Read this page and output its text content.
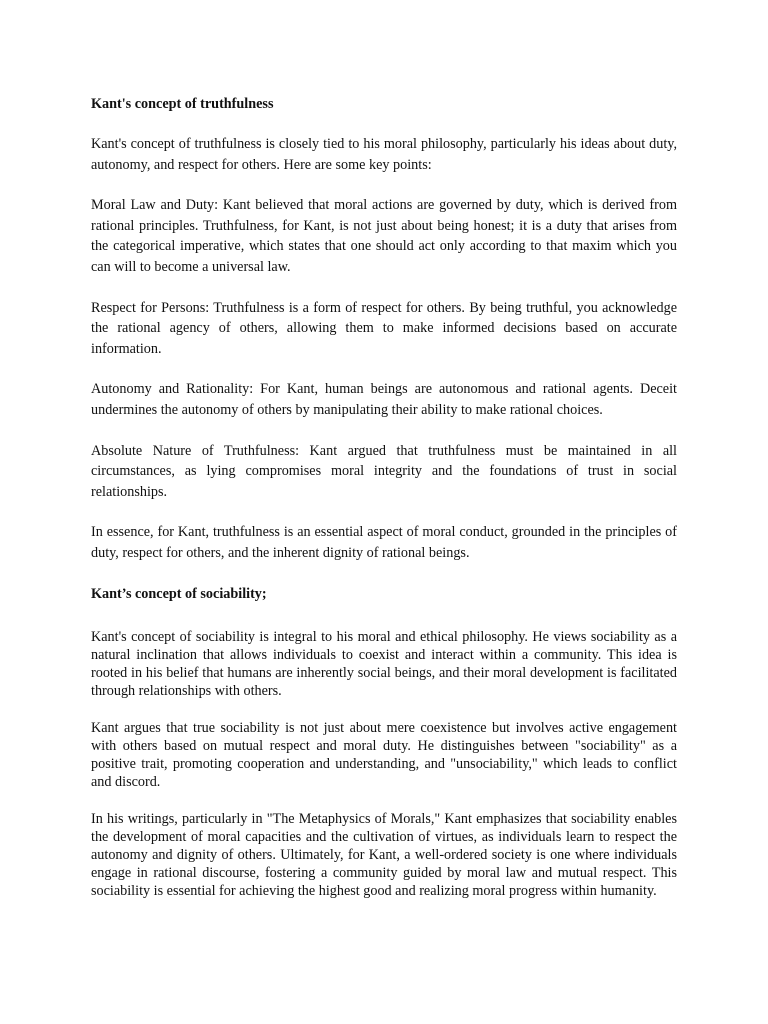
Kant's concept of truthfulness

Kant's concept of truthfulness is closely tied to his moral philosophy, particularly his ideas about duty, autonomy, and respect for others. Here are some key points:

Moral Law and Duty: Kant believed that moral actions are governed by duty, which is derived from rational principles. Truthfulness, for Kant, is not just about being honest; it is a duty that arises from the categorical imperative, which states that one should act only according to that maxim which you can will to become a universal law.

Respect for Persons: Truthfulness is a form of respect for others. By being truthful, you acknowledge the rational agency of others, allowing them to make informed decisions based on accurate information.

Autonomy and Rationality: For Kant, human beings are autonomous and rational agents. Deceit undermines the autonomy of others by manipulating their ability to make rational choices.

Absolute Nature of Truthfulness: Kant argued that truthfulness must be maintained in all circumstances, as lying compromises moral integrity and the foundations of trust in social relationships.

In essence, for Kant, truthfulness is an essential aspect of moral conduct, grounded in the principles of duty, respect for others, and the inherent dignity of rational beings.

Kant’s concept of sociability;

Kant's concept of sociability is integral to his moral and ethical philosophy. He views sociability as a natural inclination that allows individuals to coexist and interact within a community. This idea is rooted in his belief that humans are inherently social beings, and their moral development is facilitated through relationships with others.

Kant argues that true sociability is not just about mere coexistence but involves active engagement with others based on mutual respect and moral duty. He distinguishes between "sociability" as a positive trait, promoting cooperation and understanding, and "unsociability," which leads to conflict and discord.

In his writings, particularly in "The Metaphysics of Morals," Kant emphasizes that sociability enables the development of moral capacities and the cultivation of virtues, as individuals learn to respect the autonomy and dignity of others. Ultimately, for Kant, a well-ordered society is one where individuals engage in rational discourse, fostering a community guided by moral law and mutual respect. This sociability is essential for achieving the highest good and realizing moral progress within humanity.
